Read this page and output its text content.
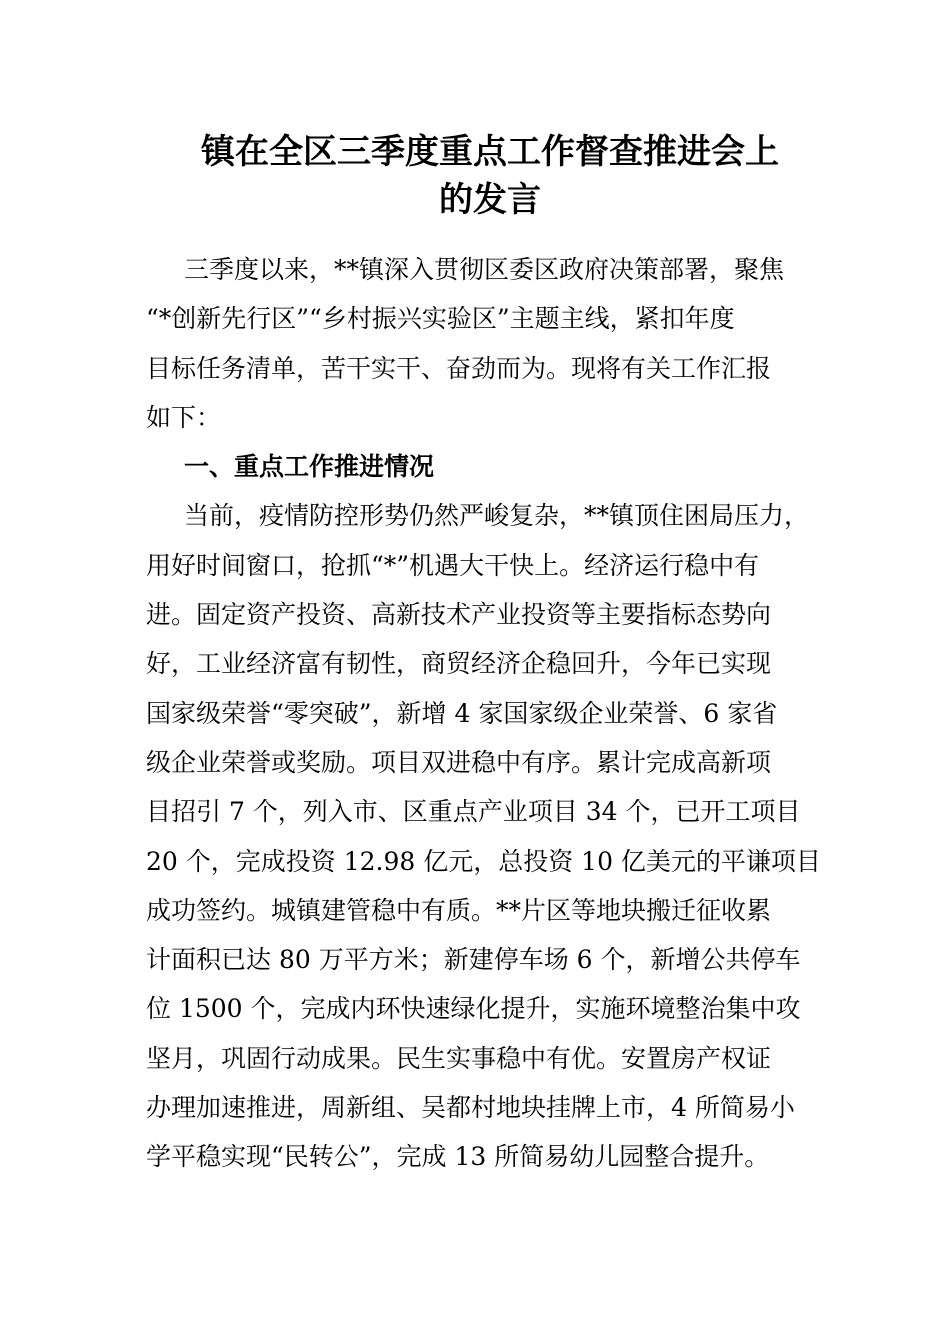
镇在全区三季度重点工作督查推进会上
的发言
三季度以来，**镇深入贯彻区委区政府决策部署，聚焦
“*创新先行区”“乡村振兴实验区”主题主线，紧扣年度
目标任务清单，苦干实干、奋劲而为。现将有关工作汇报
如下：
一、重点工作推进情况
当前，疫情防控形势仍然严峻复杂，**镇顶住困局压力，
用好时间窗口，抢抓“*”机遇大干快上。经济运行稳中有
进。固定资产投资、高新技术产业投资等主要指标态势向
好，工业经济富有韧性，商贸经济企稳回升，今年已实现
国家级荣誉“零突破”，新增 4 家国家级企业荣誉、6 家省
级企业荣誉或奖励。项目双进稳中有序。累计完成高新项
目招引 7 个，列入市、区重点产业项目 34 个，已开工项目
20 个，完成投资 12.98 亿元，总投资 10 亿美元的平谦项目
成功签约。城镇建管稳中有质。**片区等地块搬迁征收累
计面积已达 80 万平方米；新建停车场 6 个，新增公共停车
位 1500 个，完成内环快速绿化提升，实施环境整治集中攻
坚月，巩固行动成果。民生实事稳中有优。安置房产权证
办理加速推进，周新组、吴都村地块挂牌上市，4 所简易小
学平稳实现“民转公”，完成 13 所简易幼儿园整合提升。
